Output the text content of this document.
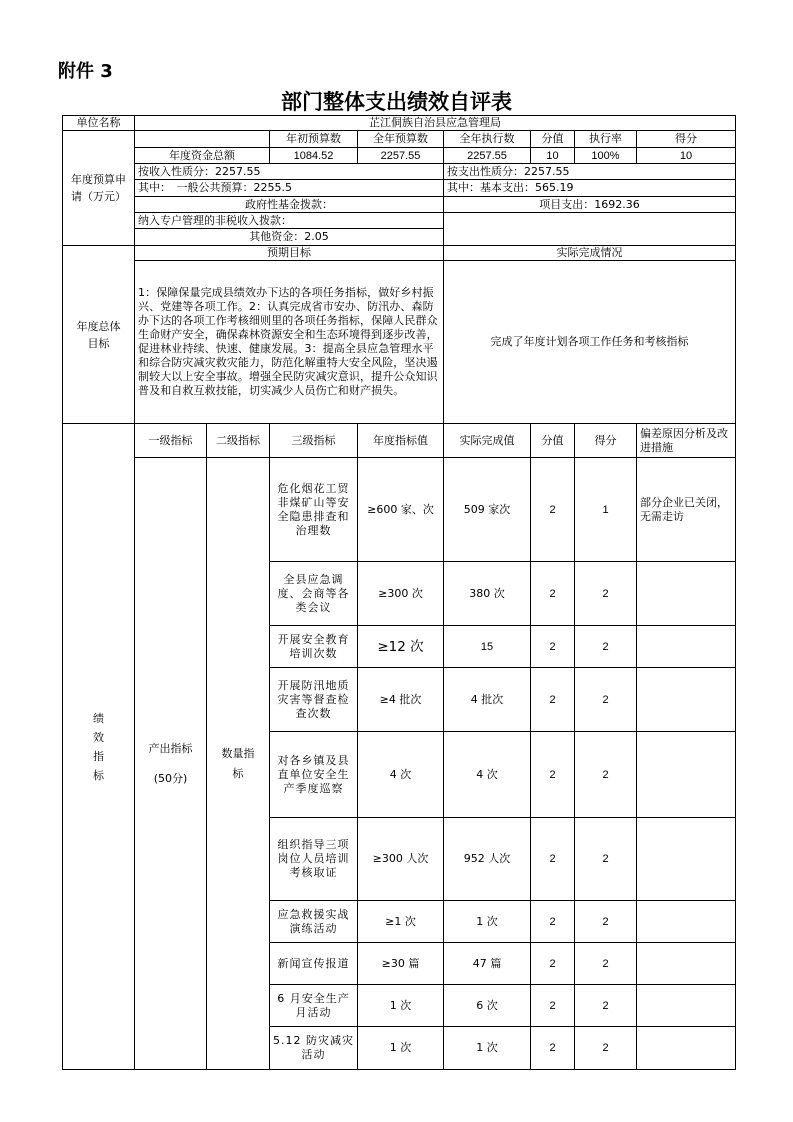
附件 3
部门整体支出绩效自评表
单位名称	芷江侗族自治县应急管理局							

年度预算申请（万元）			年初预算数	全年预算数	全年执行数	分值	执行率	得分
	年度资金总额		1084.52	2257.55	2257.55	10	100%	10
	按收入性质分：2257.55				按支出性质分：2257.55			
	其中：　一般公共预算：2255.5				其中：基本支出：565.19			
	政府性基金拨款：				项目支出：1692.36			
	纳入专户管理的非税收入拨款：							
	其他资金：2.05							

年度总体目标	预期目标				实际完成情况			
	1：保障保量完成县绩效办下达的各项任务指标，做好乡村振兴、党建等各项工作。2：认真完成省市安办、防汛办、森防办下达的各项工作考核细则里的各项任务指标，保障人民群众生命财产安全，确保森林资源安全和生态环境得到逐步改善，促进林业持续、快速、健康发展。3：提高全县应急管理水平和综合防灾减灾救灾能力，防范化解重特大安全风险，坚决遏制较大以上安全事故。增强全民防灾减灾意识，提升公众知识普及和自救互救技能，切实减少人员伤亡和财产损失。				完成了年度计划各项工作任务和考核指标			

绩效指标	一级指标	二级指标	三级指标	年度指标值	实际完成值	分值	得分	偏差原因分析及改进措施

	产出指标
(50分)	数量指标	危化烟花工贸非煤矿山等安全隐患排查和治理数	≥600 家、次	509 家次	2	1	部分企业已关闭，无需走访
			全县应急调度、会商等各类会议	≥300 次	380 次	2	2	
			开展安全教育培训次数	≥12 次	15	2	2	
			开展防汛地质灾害等督查检查次数	≥4 批次	4 批次	2	2	
			对各乡镇及县直单位安全生产季度巡察	4 次	4 次	2	2	
			组织指导三项岗位人员培训考核取证	≥300 人次	952 人次	2	2	
			应急救援实战演练活动	≥1 次	1 次	2	2	
			新闻宣传报道	≥30 篇	47 篇	2	2	
			6 月安全生产月活动	1 次	6 次	2	2	
			5.12 防灾减灾活动	1 次	1 次	2	2	
